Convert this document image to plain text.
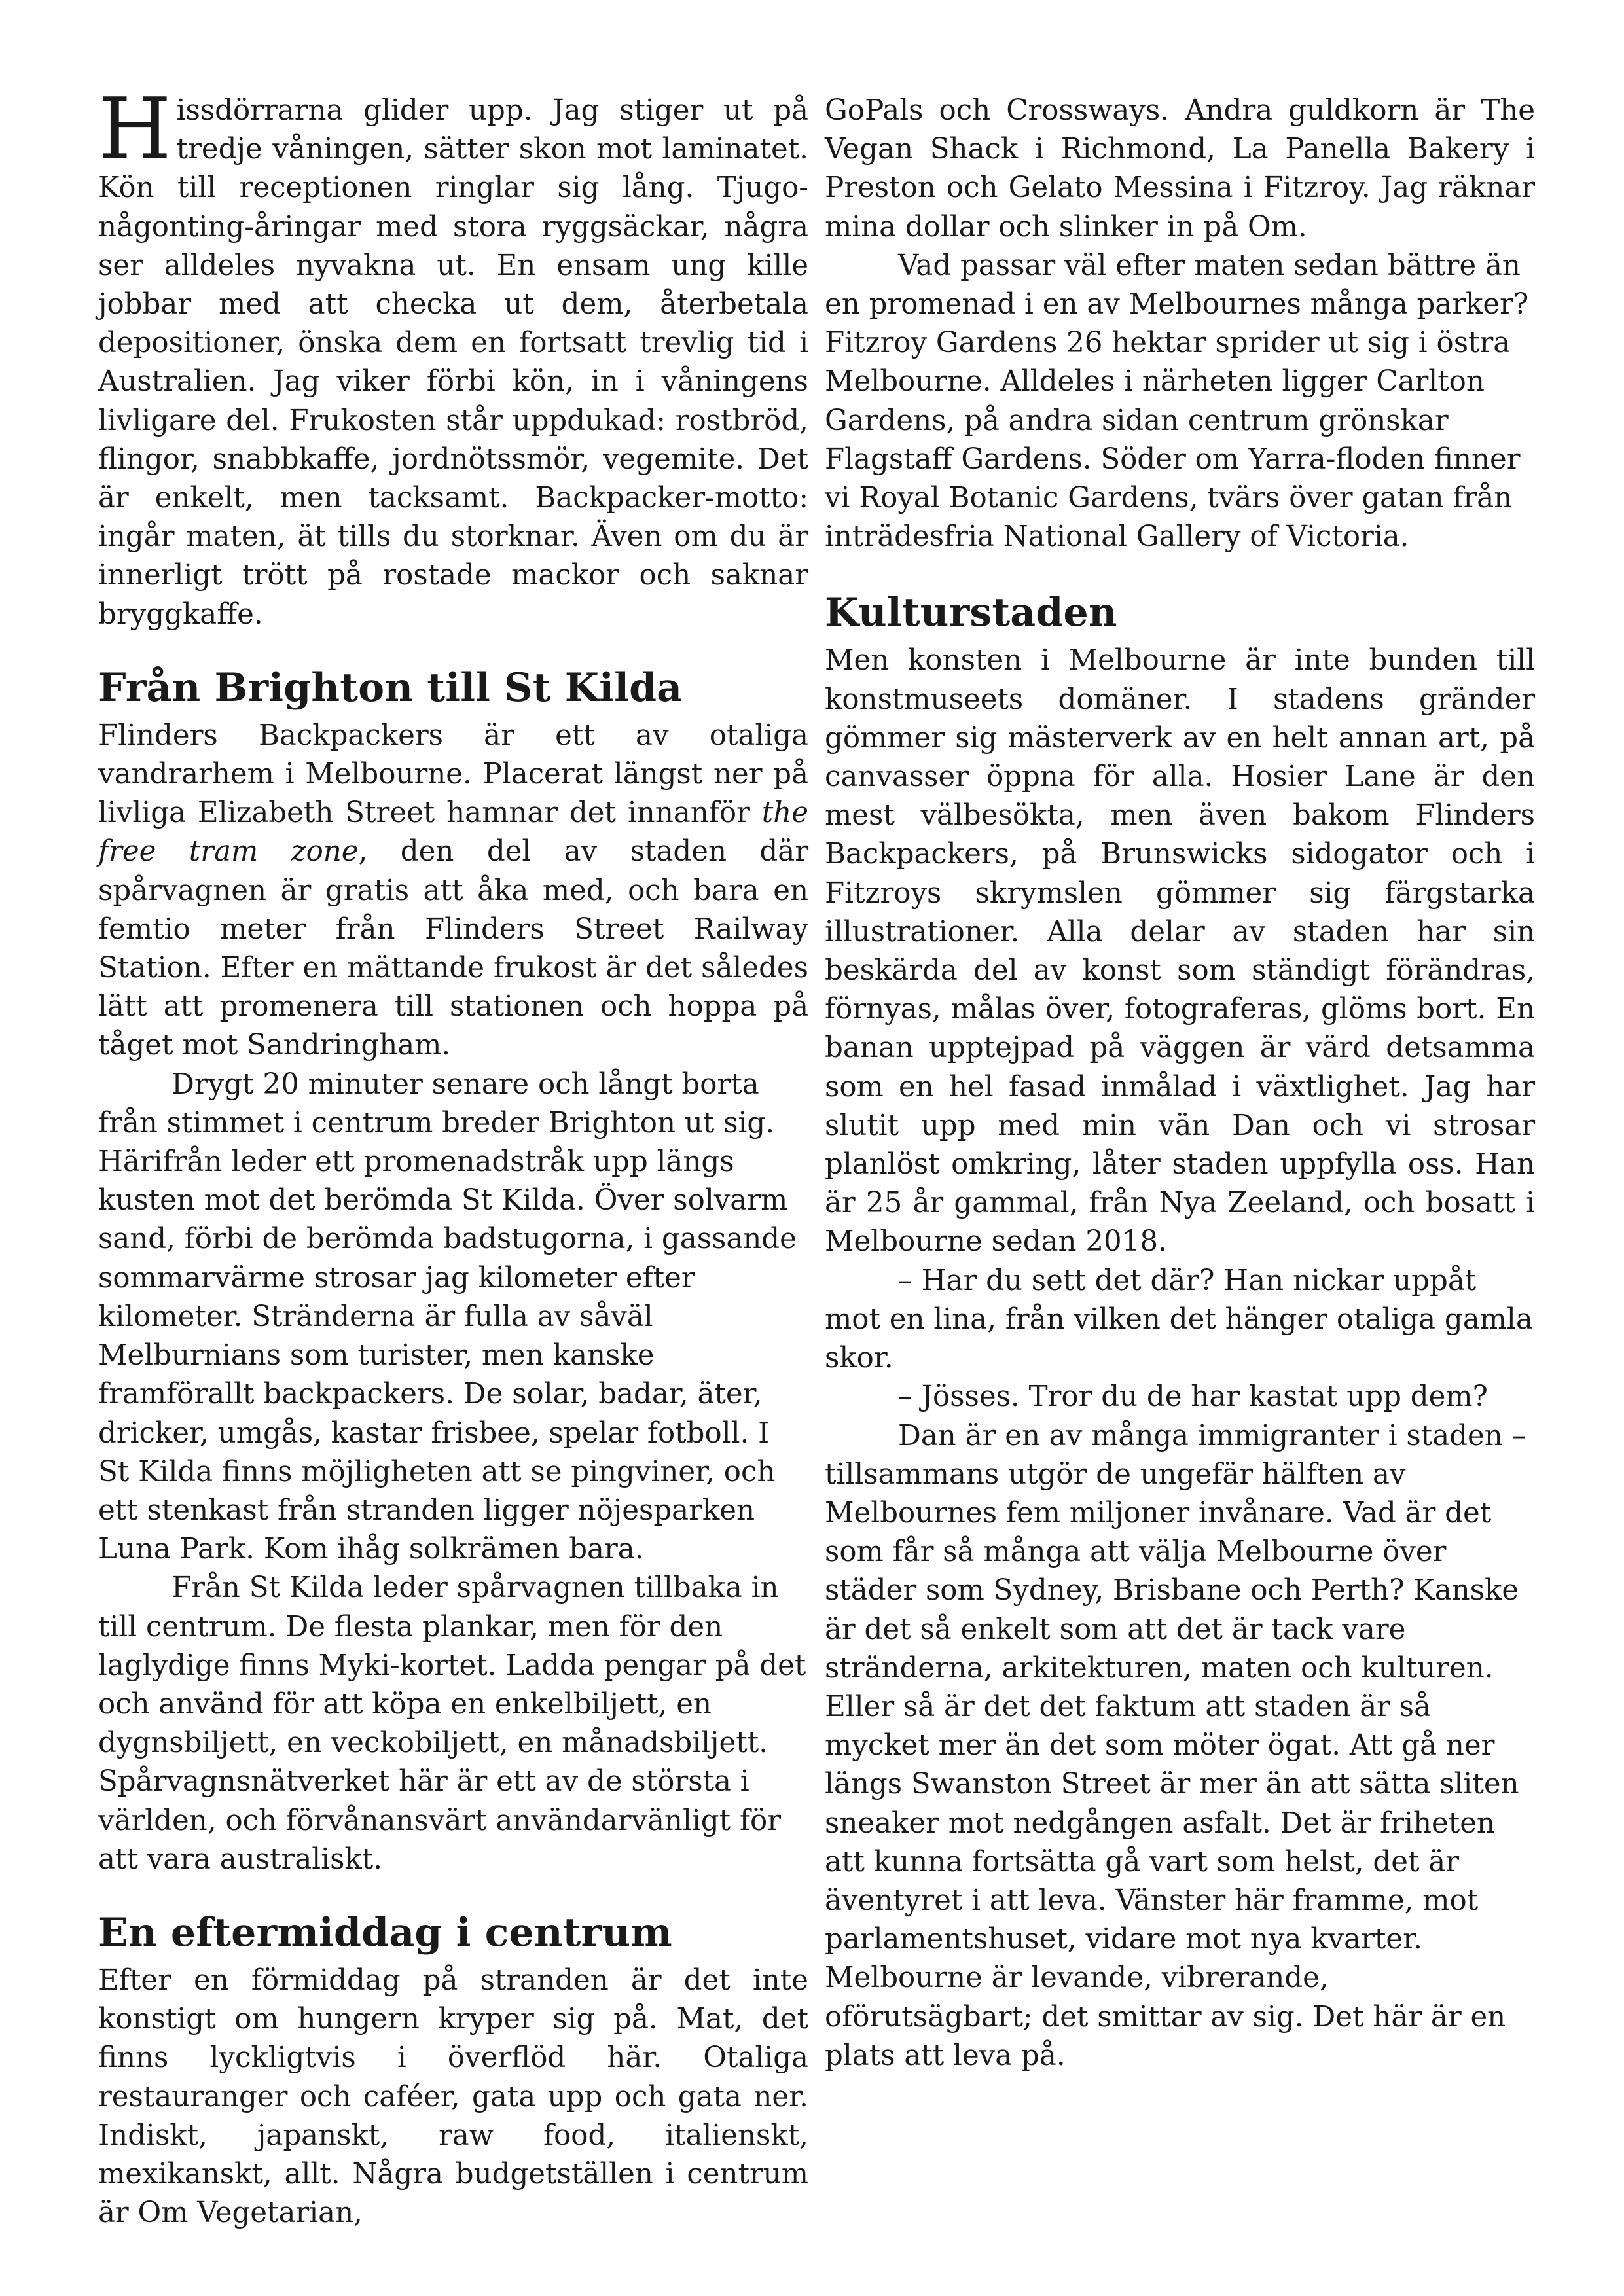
Hissdörrarna glider upp. Jag stiger ut på tredje våningen, sätter skon mot laminatet. Kön till receptionen ringlar sig lång. Tjugo-någonting-åringar med stora ryggsäckar, några ser alldeles nyvakna ut. En ensam ung kille jobbar med att checka ut dem, återbetala depositioner, önska dem en fortsatt trevlig tid i Australien. Jag viker förbi kön, in i våningens livligare del. Frukosten står uppdukad: rostbröd, flingor, snabbkaffe, jordnötssmör, vegemite. Det är enkelt, men tacksamt. Backpacker-motto: ingår maten, ät tills du storknar. Även om du är innerligt trött på rostade mackor och saknar bryggkaffe.

Från Brighton till St Kilda

Flinders Backpackers är ett av otaliga vandrarhem i Melbourne. Placerat längst ner på livliga Elizabeth Street hamnar det innanför the free tram zone, den del av staden där spårvagnen är gratis att åka med, och bara en femtio meter från Flinders Street Railway Station. Efter en mättande frukost är det således lätt att promenera till stationen och hoppa på tåget mot Sandringham.

Drygt 20 minuter senare och långt borta från stimmet i centrum breder Brighton ut sig. Härifrån leder ett promenadstråk upp längs kusten mot det berömda St Kilda. Över solvarm sand, förbi de berömda badstugorna, i gassande sommarvärme strosar jag kilometer efter kilometer. Stränderna är fulla av såväl Melburnians som turister, men kanske framförallt backpackers. De solar, badar, äter, dricker, umgås, kastar frisbee, spelar fotboll. I St Kilda finns möjligheten att se pingviner, och ett stenkast från stranden ligger nöjesparken Luna Park. Kom ihåg solkrämen bara.

Från St Kilda leder spårvagnen tillbaka in till centrum. De flesta plankar, men för den laglydige finns Myki-kortet. Ladda pengar på det och använd för att köpa en enkelbiljett, en dygnsbiljett, en veckobiljett, en månadsbiljett. Spårvagnsnätverket här är ett av de största i världen, och förvånansvärt användarvänligt för att vara australiskt.

En eftermiddag i centrum

Efter en förmiddag på stranden är det inte konstigt om hungern kryper sig på. Mat, det finns lyckligtvis i överflöd här. Otaliga restauranger och caféer, gata upp och gata ner. Indiskt, japanskt, raw food, italienskt, mexikanskt, allt. Några budgetställen i centrum är Om Vegetarian,

GoPals och Crossways. Andra guldkorn är The Vegan Shack i Richmond, La Panella Bakery i Preston och Gelato Messina i Fitzroy. Jag räknar mina dollar och slinker in på Om.

Vad passar väl efter maten sedan bättre än en promenad i en av Melbournes många parker? Fitzroy Gardens 26 hektar sprider ut sig i östra Melbourne. Alldeles i närheten ligger Carlton Gardens, på andra sidan centrum grönskar Flagstaff Gardens. Söder om Yarra-floden finner vi Royal Botanic Gardens, tvärs över gatan från inträdesfria National Gallery of Victoria.

Kulturstaden

Men konsten i Melbourne är inte bunden till konstmuseets domäner. I stadens gränder gömmer sig mästerverk av en helt annan art, på canvasser öppna för alla. Hosier Lane är den mest välbesökta, men även bakom Flinders Backpackers, på Brunswicks sidogator och i Fitzroys skrymslen gömmer sig färgstarka illustrationer. Alla delar av staden har sin beskärda del av konst som ständigt förändras, förnyas, målas över, fotograferas, glöms bort. En banan upptejpad på väggen är värd detsamma som en hel fasad inmålad i växtlighet. Jag har slutit upp med min vän Dan och vi strosar planlöst omkring, låter staden uppfylla oss. Han är 25 år gammal, från Nya Zeeland, och bosatt i Melbourne sedan 2018.

– Har du sett det där? Han nickar uppåt mot en lina, från vilken det hänger otaliga gamla skor.

– Jösses. Tror du de har kastat upp dem?

Dan är en av många immigranter i staden – tillsammans utgör de ungefär hälften av Melbournes fem miljoner invånare. Vad är det som får så många att välja Melbourne över städer som Sydney, Brisbane och Perth? Kanske är det så enkelt som att det är tack vare stränderna, arkitekturen, maten och kulturen. Eller så är det det faktum att staden är så mycket mer än det som möter ögat. Att gå ner längs Swanston Street är mer än att sätta sliten sneaker mot nedgången asfalt. Det är friheten att kunna fortsätta gå vart som helst, det är äventyret i att leva. Vänster här framme, mot parlamentshuset, vidare mot nya kvarter. Melbourne är levande, vibrerande, oförutsägbart; det smittar av sig. Det här är en plats att leva på.
